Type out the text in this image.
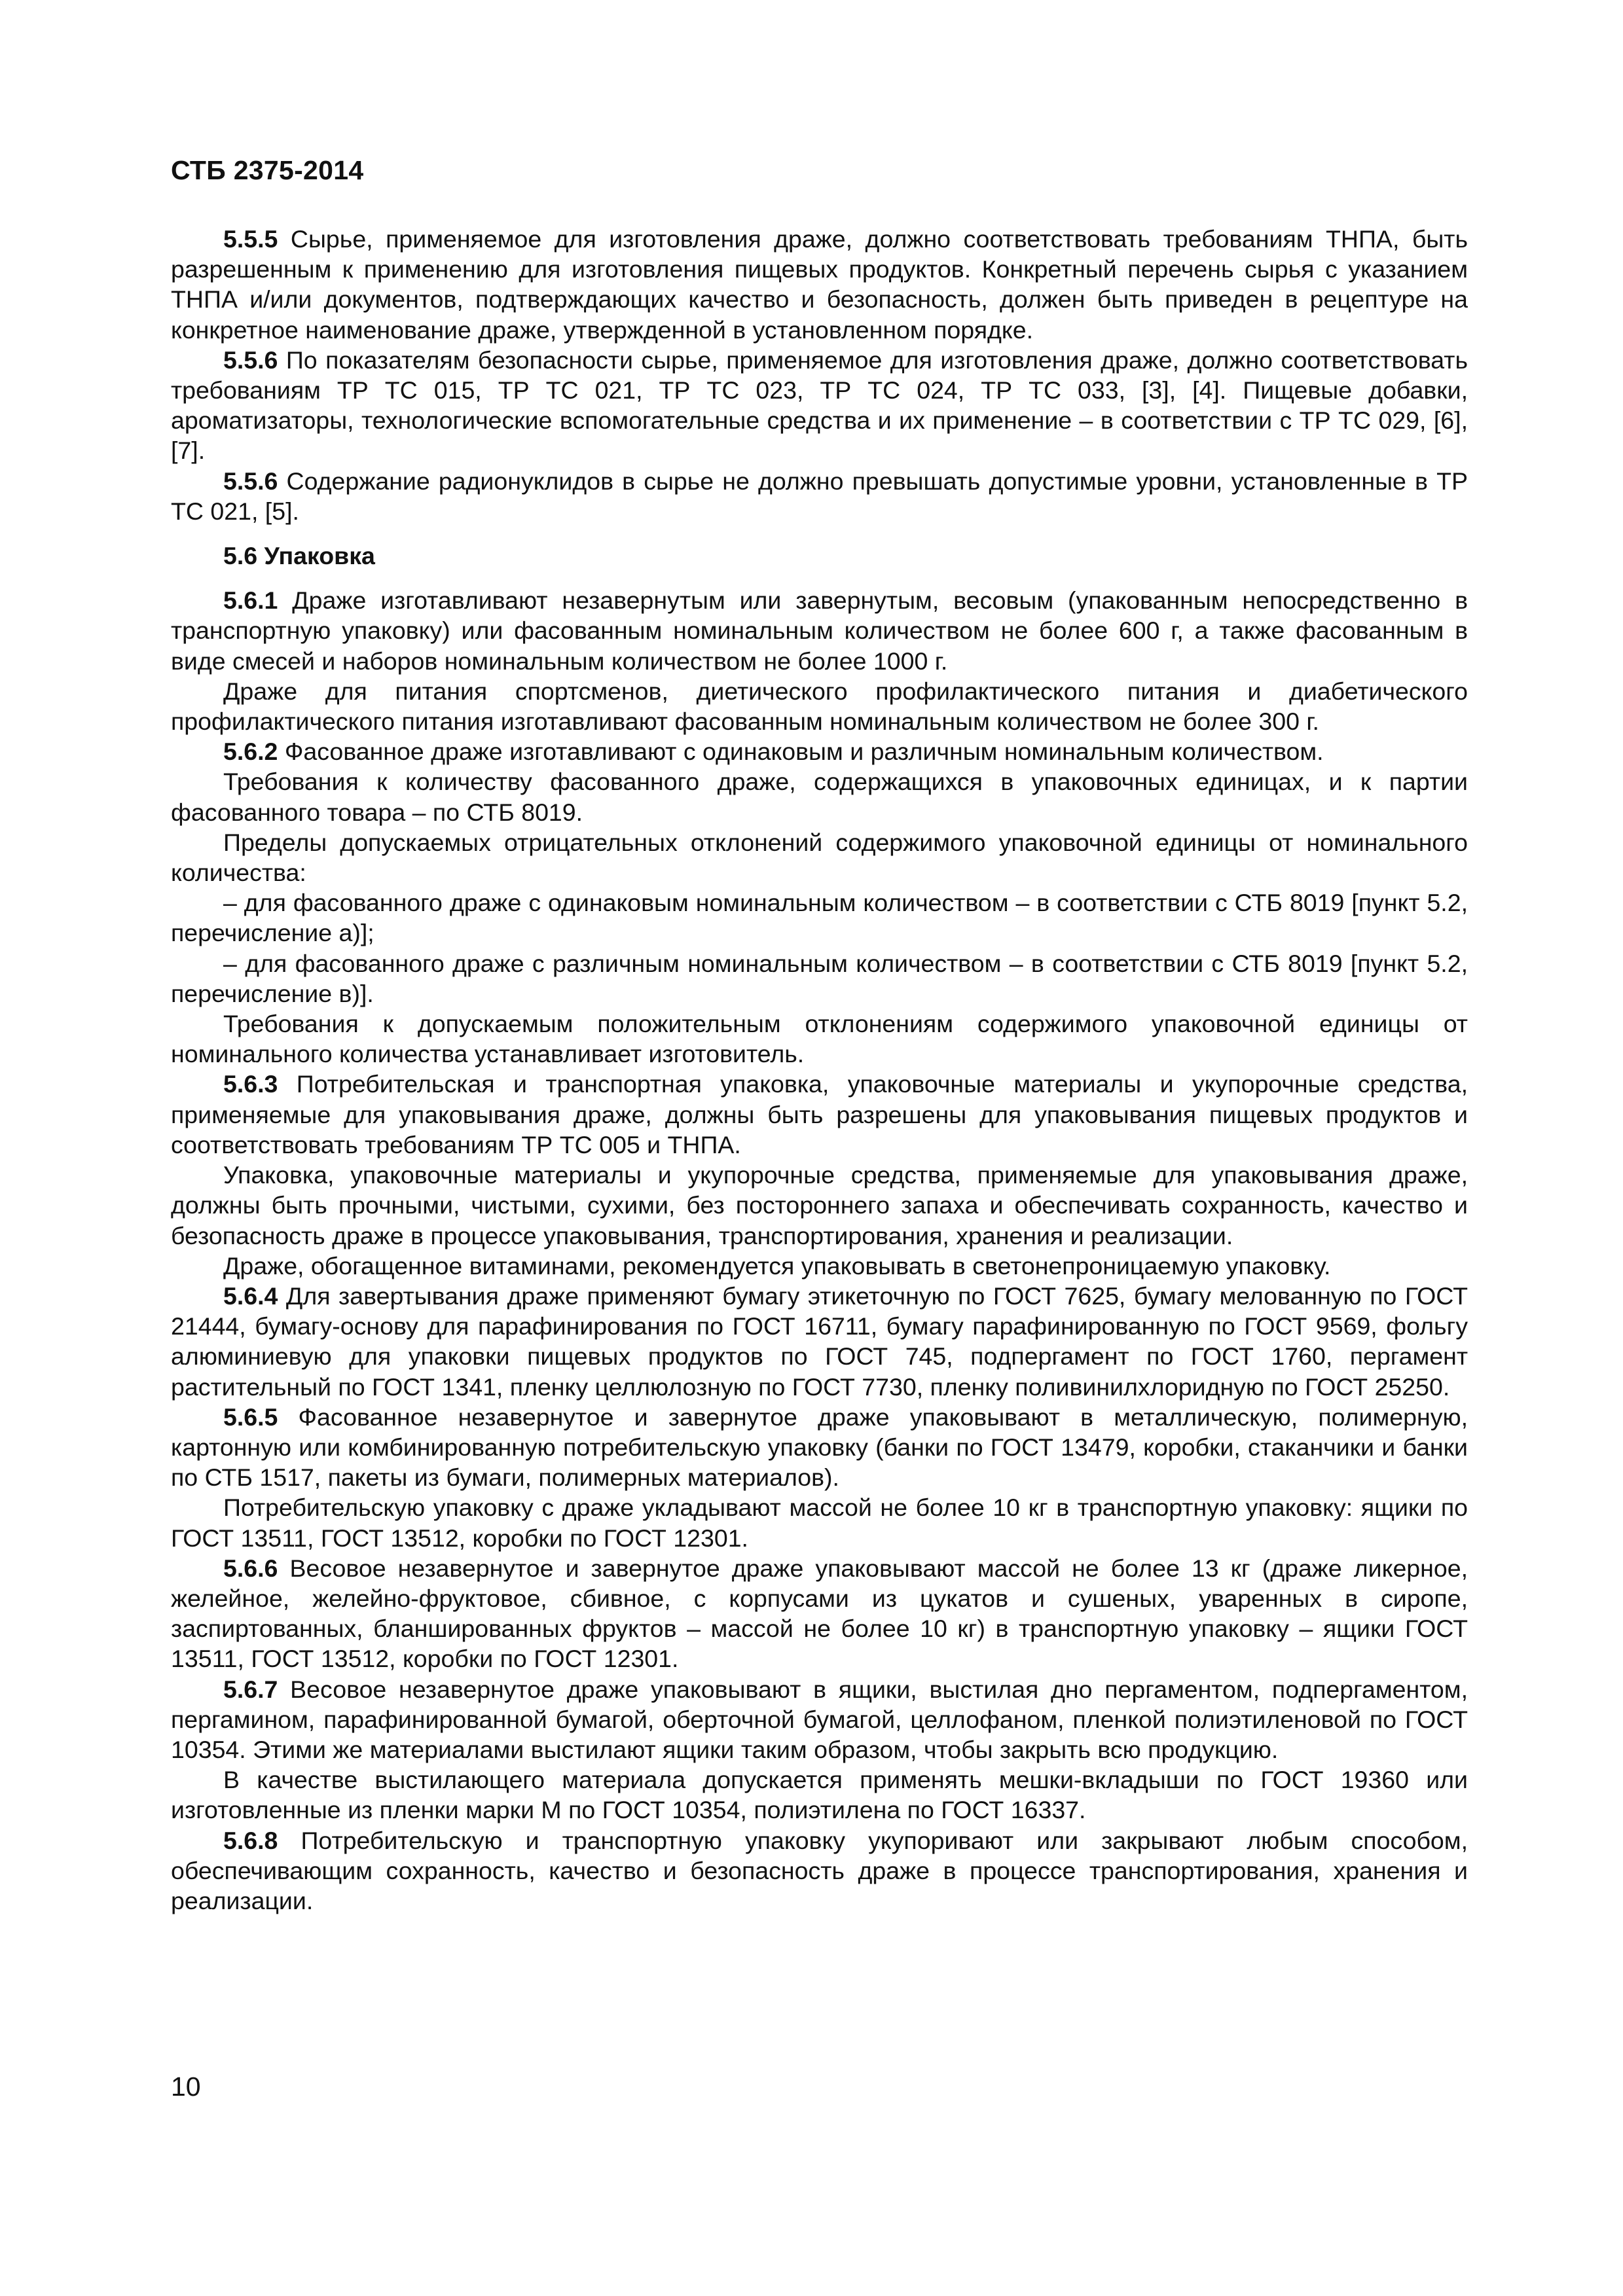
СТБ 2375-2014

5.5.5 Сырье, применяемое для изготовления драже, должно соответствовать требованиям ТНПА, быть разрешенным к применению для изготовления пищевых продуктов. Конкретный перечень сырья с указанием ТНПА и/или документов, подтверждающих качество и безопасность, должен быть приведен в рецептуре на конкретное наименование драже, утвержденной в установленном порядке.

5.5.6 По показателям безопасности сырье, применяемое для изготовления драже, должно соответствовать требованиям ТР ТС 015, ТР ТС 021, ТР ТС 023, ТР ТС 024, ТР ТС 033, [3], [4]. Пищевые добавки, ароматизаторы, технологические вспомогательные средства и их применение – в соответствии с ТР ТС 029, [6], [7].

5.5.6 Содержание радионуклидов в сырье не должно превышать допустимые уровни, установленные в ТР ТС 021, [5].

5.6 Упаковка

5.6.1 Драже изготавливают незавернутым или завернутым, весовым (упакованным непосредственно в транспортную упаковку) или фасованным номинальным количеством не более 600 г, а также фасованным в виде смесей и наборов номинальным количеством не более 1000 г.

Драже для питания спортсменов, диетического профилактического питания и диабетического профилактического питания изготавливают фасованным номинальным количеством не более 300 г.

5.6.2 Фасованное драже изготавливают с одинаковым и различным номинальным количеством.

Требования к количеству фасованного драже, содержащихся в упаковочных единицах, и к партии фасованного товара – по СТБ 8019.

Пределы допускаемых отрицательных отклонений содержимого упаковочной единицы от номинального количества:

– для фасованного драже с одинаковым номинальным количеством – в соответствии с СТБ 8019 [пункт 5.2, перечисление а)];

– для фасованного драже с различным номинальным количеством – в соответствии с СТБ 8019 [пункт 5.2, перечисление в)].

Требования к допускаемым положительным отклонениям содержимого упаковочной единицы от номинального количества устанавливает изготовитель.

5.6.3 Потребительская и транспортная упаковка, упаковочные материалы и укупорочные средства, применяемые для упаковывания драже, должны быть разрешены для упаковывания пищевых продуктов и соответствовать требованиям ТР ТС 005 и ТНПА.

Упаковка, упаковочные материалы и укупорочные средства, применяемые для упаковывания драже, должны быть прочными, чистыми, сухими, без постороннего запаха и обеспечивать сохранность, качество и безопасность драже в процессе упаковывания, транспортирования, хранения и реализации.

Драже, обогащенное витаминами, рекомендуется упаковывать в светонепроницаемую упаковку.

5.6.4 Для завертывания драже применяют бумагу этикеточную по ГОСТ 7625, бумагу мелованную по ГОСТ 21444, бумагу-основу для парафинирования по ГОСТ 16711, бумагу парафинированную по ГОСТ 9569, фольгу алюминиевую для упаковки пищевых продуктов по ГОСТ 745, подпергамент по ГОСТ 1760, пергамент растительный по ГОСТ 1341, пленку целлюлозную по ГОСТ 7730, пленку поливинилхлоридную по ГОСТ 25250.

5.6.5 Фасованное незавернутое и завернутое драже упаковывают в металлическую, полимерную, картонную или комбинированную потребительскую упаковку (банки по ГОСТ 13479, коробки, стаканчики и банки по СТБ 1517, пакеты из бумаги, полимерных материалов).

Потребительскую упаковку с драже укладывают массой не более 10 кг в транспортную упаковку: ящики по ГОСТ 13511, ГОСТ 13512, коробки по ГОСТ 12301.

5.6.6 Весовое незавернутое и завернутое драже упаковывают массой не более 13 кг (драже ликерное, желейное, желейно-фруктовое, сбивное, с корпусами из цукатов и сушеных, уваренных в сиропе, заспиртованных, бланшированных фруктов – массой не более 10 кг) в транспортную упаковку – ящики ГОСТ 13511, ГОСТ 13512, коробки по ГОСТ 12301.

5.6.7 Весовое незавернутое драже упаковывают в ящики, выстилая дно пергаментом, подпергаментом, пергамином, парафинированной бумагой, оберточной бумагой, целлофаном, пленкой полиэтиленовой по ГОСТ 10354. Этими же материалами выстилают ящики таким образом, чтобы закрыть всю продукцию.

В качестве выстилающего материала допускается применять мешки-вкладыши по ГОСТ 19360 или изготовленные из пленки марки М по ГОСТ 10354, полиэтилена по ГОСТ 16337.

5.6.8 Потребительскую и транспортную упаковку укупоривают или закрывают любым способом, обеспечивающим сохранность, качество и безопасность драже в процессе транспортирования, хранения и реализации.

10
